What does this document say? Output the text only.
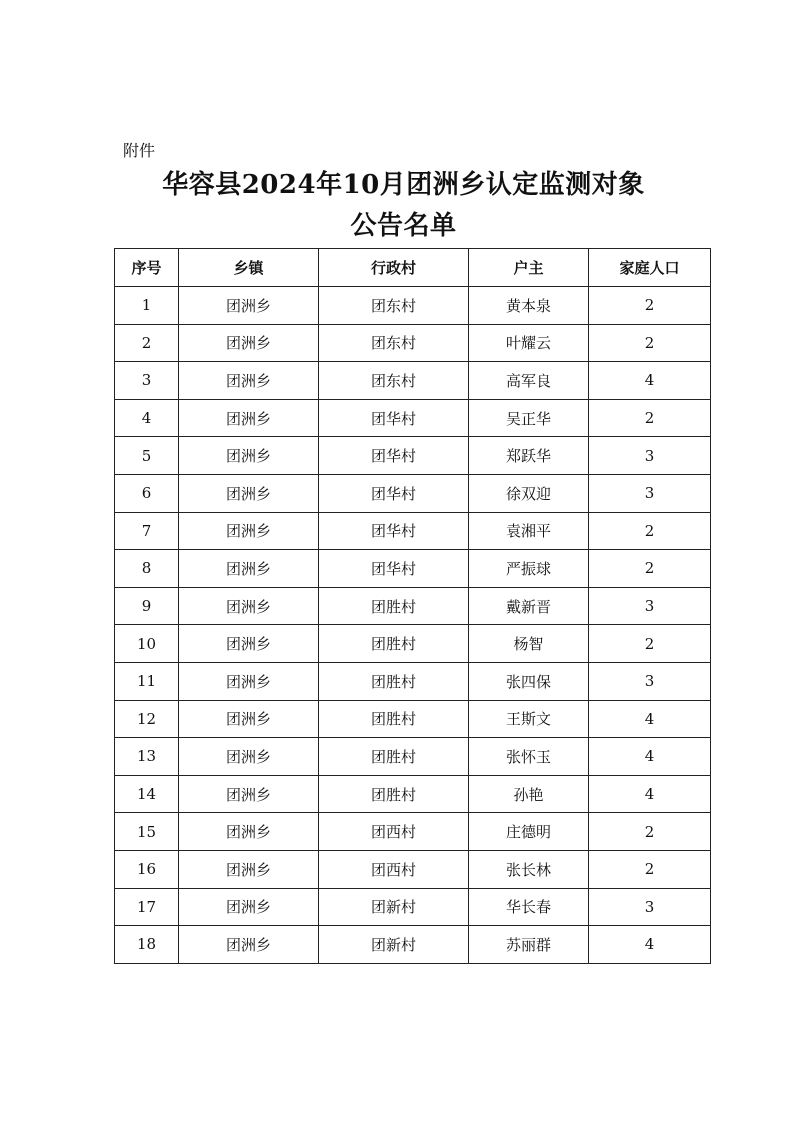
附件
华容县2024年10月团洲乡认定监测对象
公告名单
序号	乡镇	行政村	户主	家庭人口
1	团洲乡	团东村	黄本泉	2
2	团洲乡	团东村	叶耀云	2
3	团洲乡	团东村	高军良	4
4	团洲乡	团华村	吴正华	2
5	团洲乡	团华村	郑跃华	3
6	团洲乡	团华村	徐双迎	3
7	团洲乡	团华村	袁湘平	2
8	团洲乡	团华村	严振球	2
9	团洲乡	团胜村	戴新晋	3
10	团洲乡	团胜村	杨智	2
11	团洲乡	团胜村	张四保	3
12	团洲乡	团胜村	王斯文	4
13	团洲乡	团胜村	张怀玉	4
14	团洲乡	团胜村	孙艳	4
15	团洲乡	团西村	庄德明	2
16	团洲乡	团西村	张长林	2
17	团洲乡	团新村	华长春	3
18	团洲乡	团新村	苏丽群	4
